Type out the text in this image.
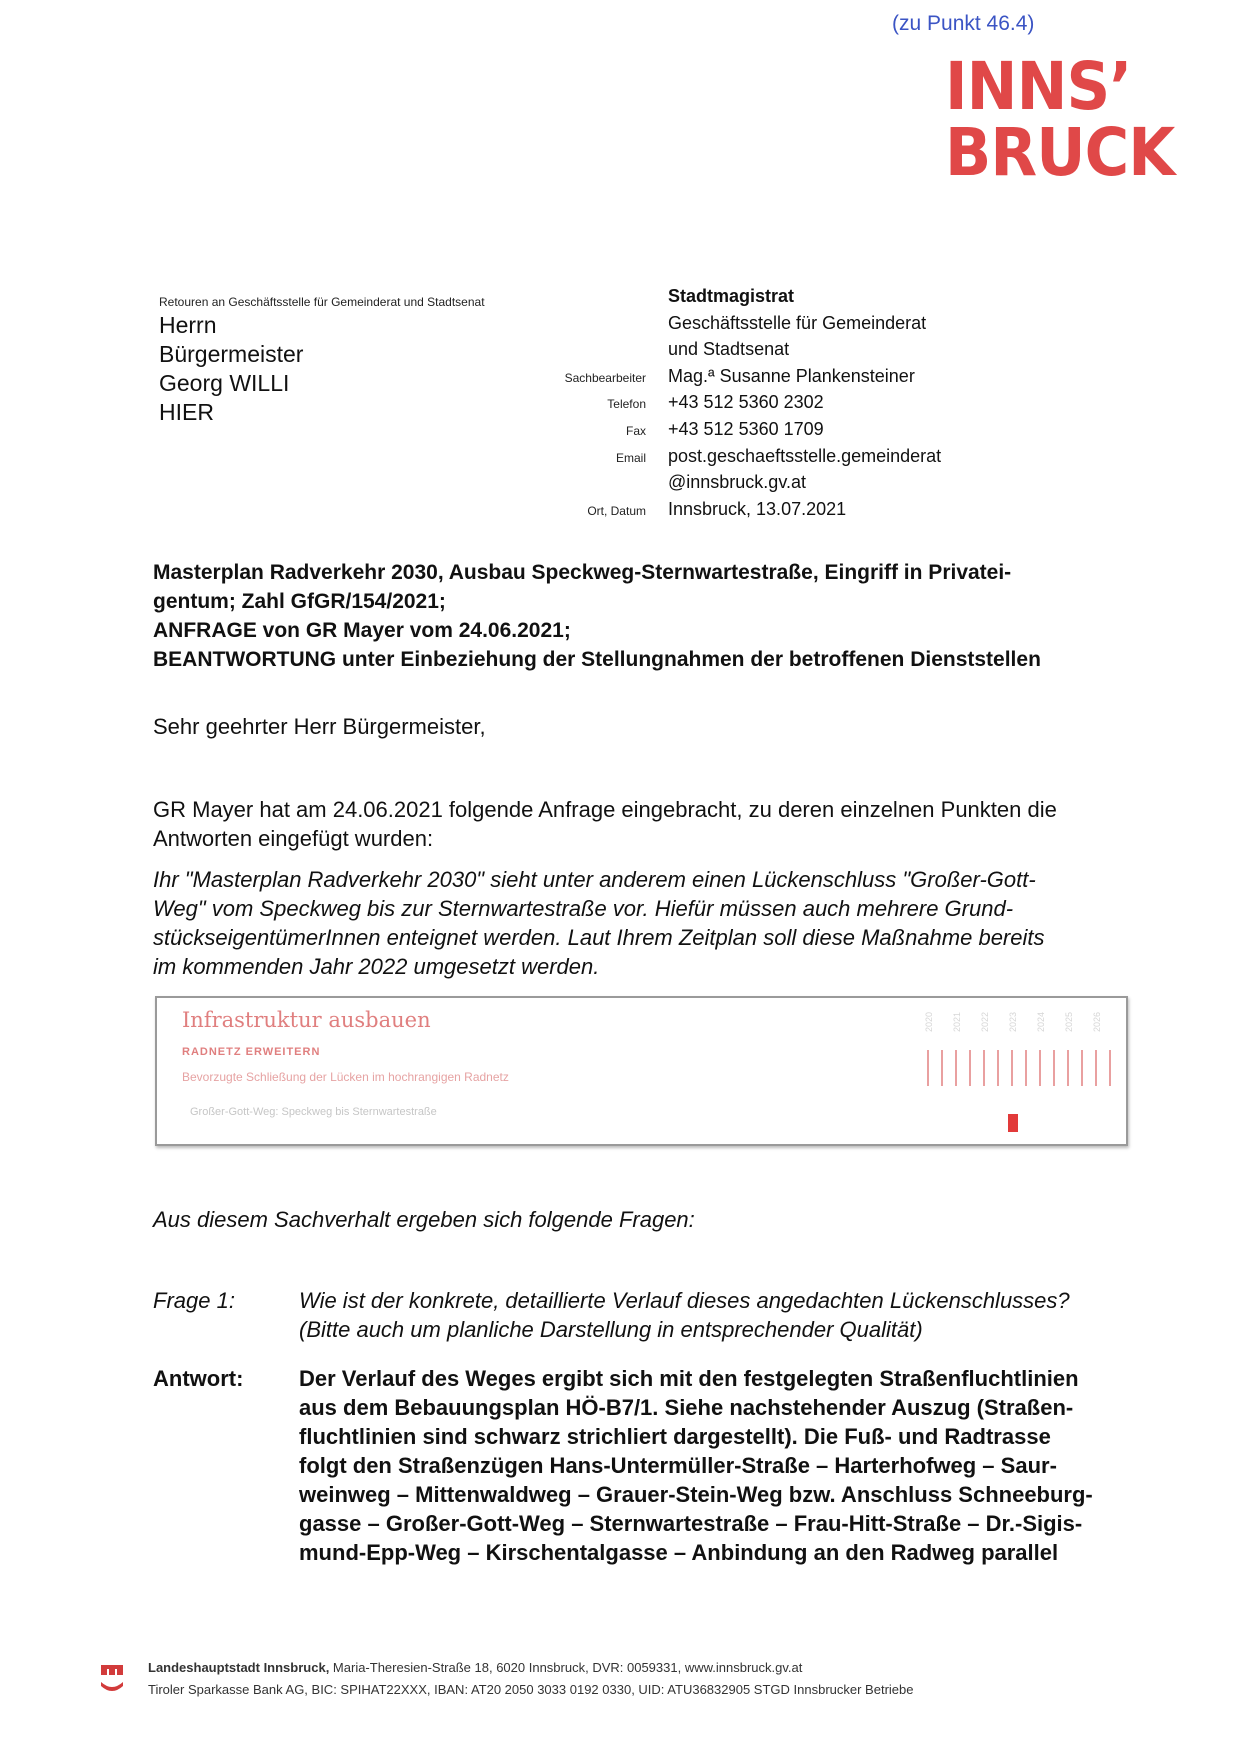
(zu Punkt 46.4)
INNS’
BRUCK
Retouren an Geschäftsstelle für Gemeinderat und Stadtsenat
Herrn
Bürgermeister
Georg WILLI
HIER
Stadtmagistrat
Geschäftsstelle für Gemeinderat
und Stadtsenat
Sachbearbeiter	Mag.ª Susanne Plankensteiner
Telefon	+43 512 5360 2302
Fax	+43 512 5360 1709
Email	post.geschaeftsstelle.gemeinderat
@innsbruck.gv.at
Ort, Datum	Innsbruck, 13.07.2021
Masterplan Radverkehr 2030, Ausbau Speckweg-Sternwartestraße, Eingriff in Privatei-
gentum; Zahl GfGR/154/2021;
ANFRAGE von GR Mayer vom 24.06.2021;
BEANTWORTUNG unter Einbeziehung der Stellungnahmen der betroffenen Dienststellen
Sehr geehrter Herr Bürgermeister,
GR Mayer hat am 24.06.2021 folgende Anfrage eingebracht, zu deren einzelnen Punkten die
Antworten eingefügt wurden:
Ihr "Masterplan Radverkehr 2030" sieht unter anderem einen Lückenschluss "Großer-Gott-
Weg" vom Speckweg bis zur Sternwartestraße vor. Hiefür müssen auch mehrere Grund-
stückseigentümerInnen enteignet werden. Laut Ihrem Zeitplan soll diese Maßnahme bereits
im kommenden Jahr 2022 umgesetzt werden.
Infrastruktur ausbauen
RADNETZ ERWEITERN
Bevorzugte Schließung der Lücken im hochrangigen Radnetz
Großer-Gott-Weg: Speckweg bis Sternwartestraße
2020 2021 2022 2023 2024 2025 2026
Aus diesem Sachverhalt ergeben sich folgende Fragen:
Frage 1:	Wie ist der konkrete, detaillierte Verlauf dieses angedachten Lückenschlusses?
(Bitte auch um planliche Darstellung in entsprechender Qualität)
Antwort:	Der Verlauf des Weges ergibt sich mit den festgelegten Straßenfluchtlinien
aus dem Bebauungsplan HÖ-B7/1. Siehe nachstehender Auszug (Straßen-
fluchtlinien sind schwarz strichliert dargestellt). Die Fuß- und Radtrasse
folgt den Straßenzügen Hans-Untermüller-Straße – Harterhofweg – Saur-
weinweg – Mittenwaldweg – Grauer-Stein-Weg bzw. Anschluss Schneeburg-
gasse – Großer-Gott-Weg – Sternwartestraße – Frau-Hitt-Straße – Dr.-Sigis-
mund-Epp-Weg – Kirschentalgasse – Anbindung an den Radweg parallel
Landeshauptstadt Innsbruck, Maria-Theresien-Straße 18, 6020 Innsbruck, DVR: 0059331, www.innsbruck.gv.at
Tiroler Sparkasse Bank AG, BIC: SPIHAT22XXX, IBAN: AT20 2050 3033 0192 0330, UID: ATU36832905 STGD Innsbrucker Betriebe
